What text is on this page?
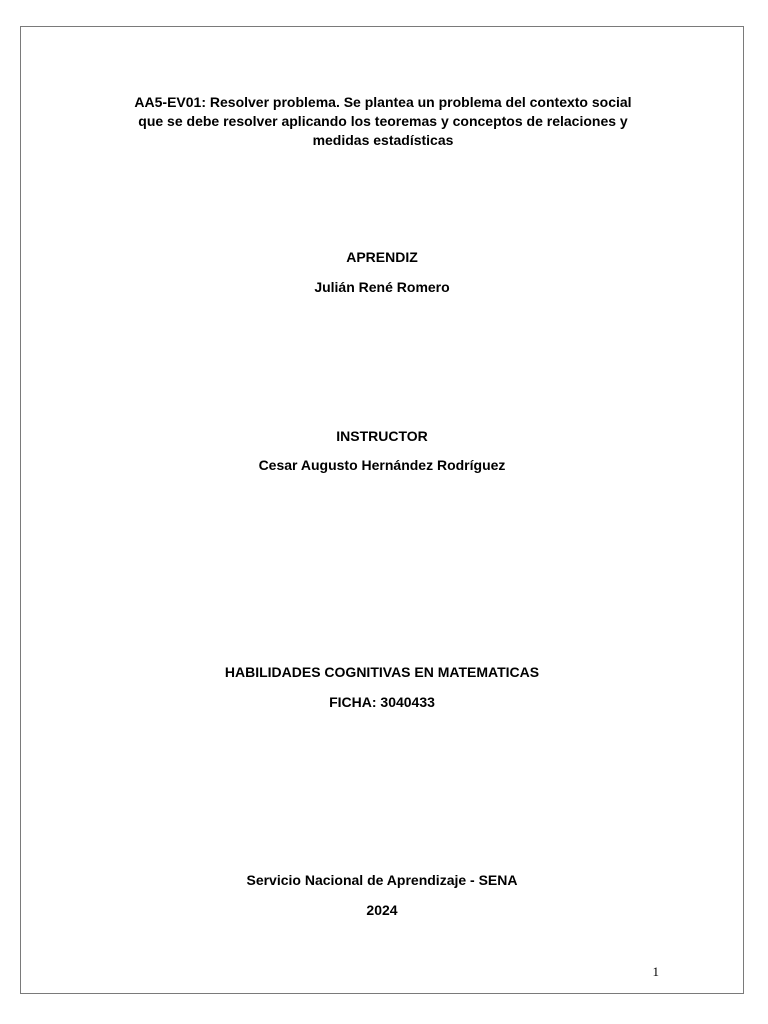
AA5-EV01: Resolver problema. Se plantea un problema del contexto social
que se debe resolver aplicando los teoremas y conceptos de relaciones y
medidas estadísticas
APRENDIZ
Julián René Romero
INSTRUCTOR
Cesar Augusto Hernández Rodríguez
HABILIDADES COGNITIVAS EN MATEMATICAS
FICHA: 3040433
Servicio Nacional de Aprendizaje - SENA
2024
1
